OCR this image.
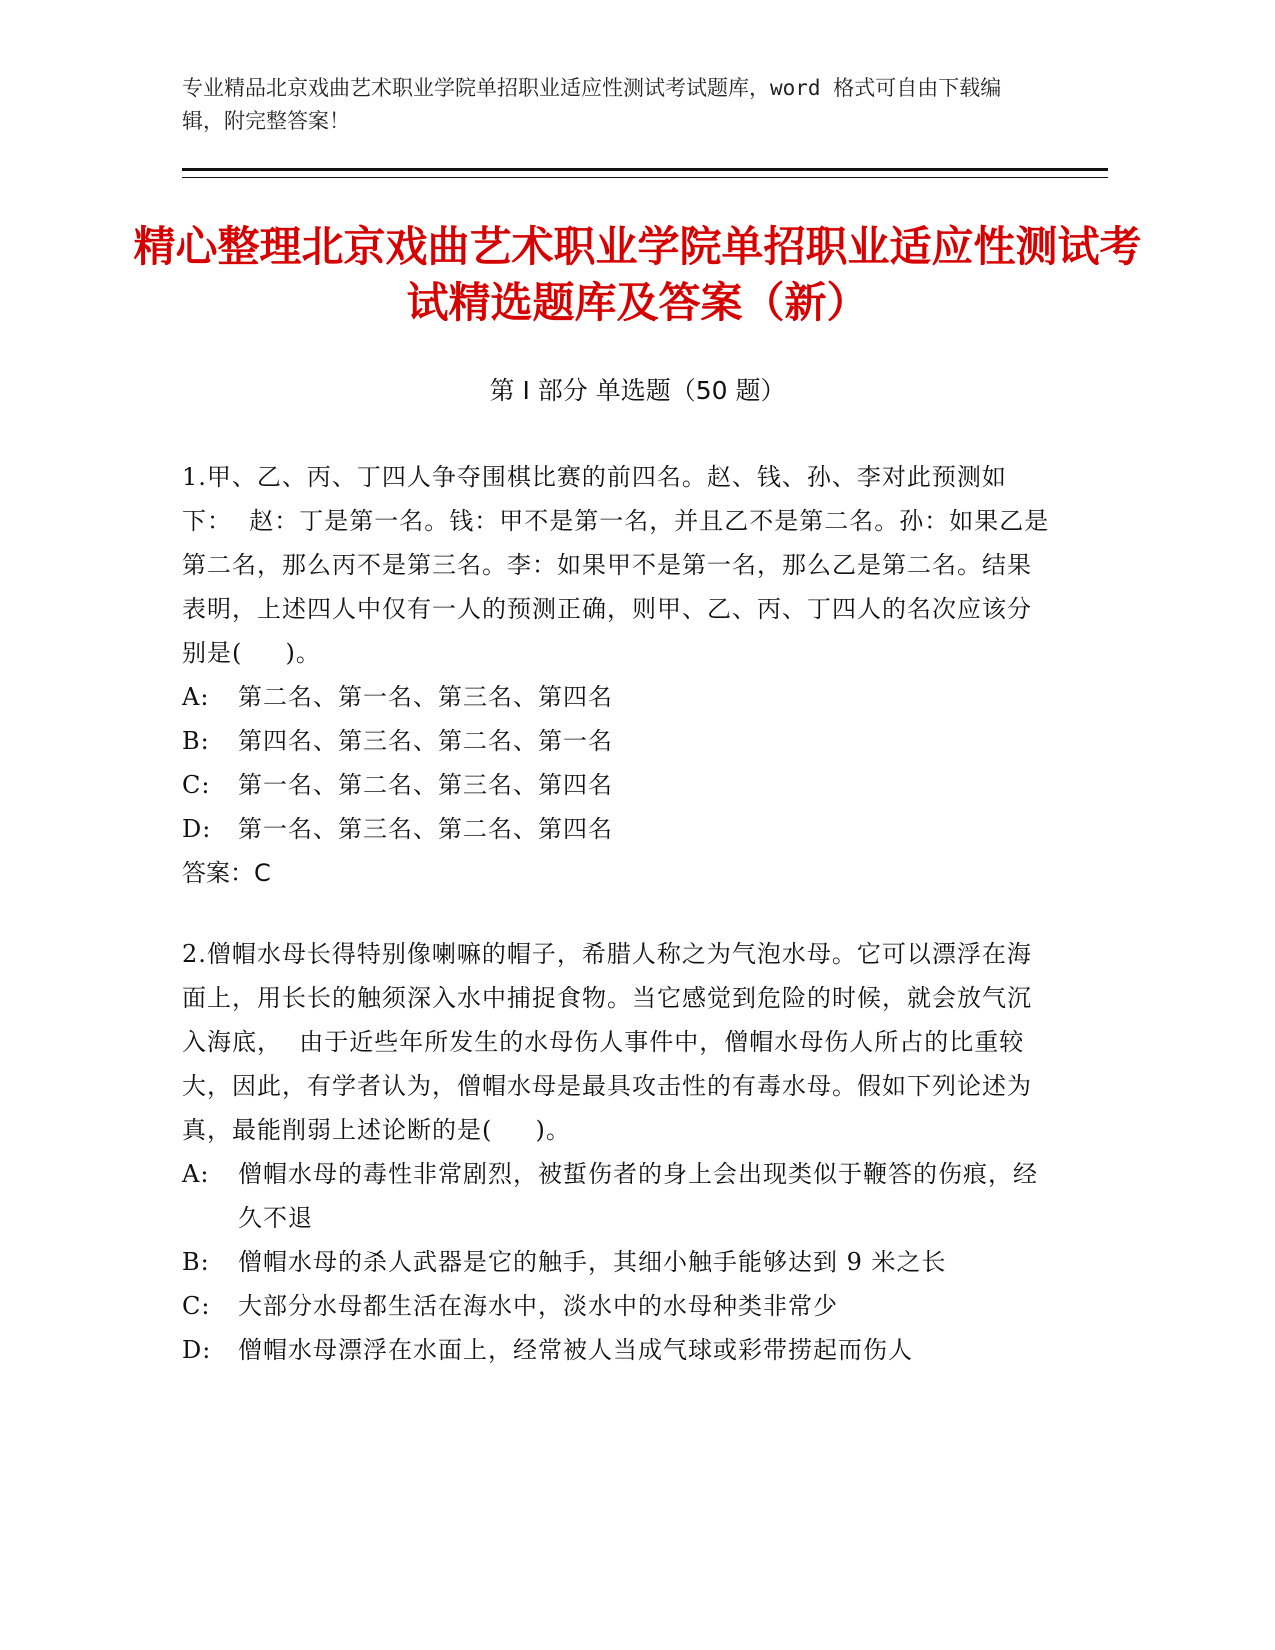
专业精品北京戏曲艺术职业学院单招职业适应性测试考试题库，word 格式可自由下载编辑，附完整答案！
精心整理北京戏曲艺术职业学院单招职业适应性测试考试精选题库及答案（新）
第 I 部分 单选题（50 题）

1.甲、乙、丙、丁四人争夺围棋比赛的前四名。赵、钱、孙、李对此预测如下：  赵：丁是第一名。钱：甲不是第一名，并且乙不是第二名。孙：如果乙是第二名，那么丙不是第三名。李：如果甲不是第一名，那么乙是第二名。结果表明，上述四人中仅有一人的预测正确，则甲、乙、丙、丁四人的名次应该分别是(     )。

A:	第二名、第一名、第三名、第四名
B:	第四名、第三名、第二名、第一名
C:	第一名、第二名、第三名、第四名
D:	第一名、第三名、第二名、第四名
答案：C

2.僧帽水母长得特别像喇嘛的帽子，希腊人称之为气泡水母。它可以漂浮在海  面上，用长长的触须深入水中捕捉食物。当它感觉到危险的时候，就会放气沉入海底，  由于近些年所发生的水母伤人事件中，僧帽水母伤人所占的比重较大，因此，有学者认为，僧帽水母是最具攻击性的有毒水母。假如下列论述为真，最能削弱上述论断的是(     )。

A:	僧帽水母的毒性非常剧烈，被蜇伤者的身上会出现类似于鞭答的伤痕，经久不退
B:	僧帽水母的杀人武器是它的触手，其细小触手能够达到 9 米之长
C:	大部分水母都生活在海水中，淡水中的水母种类非常少
D:	僧帽水母漂浮在水面上，经常被人当成气球或彩带捞起而伤人
